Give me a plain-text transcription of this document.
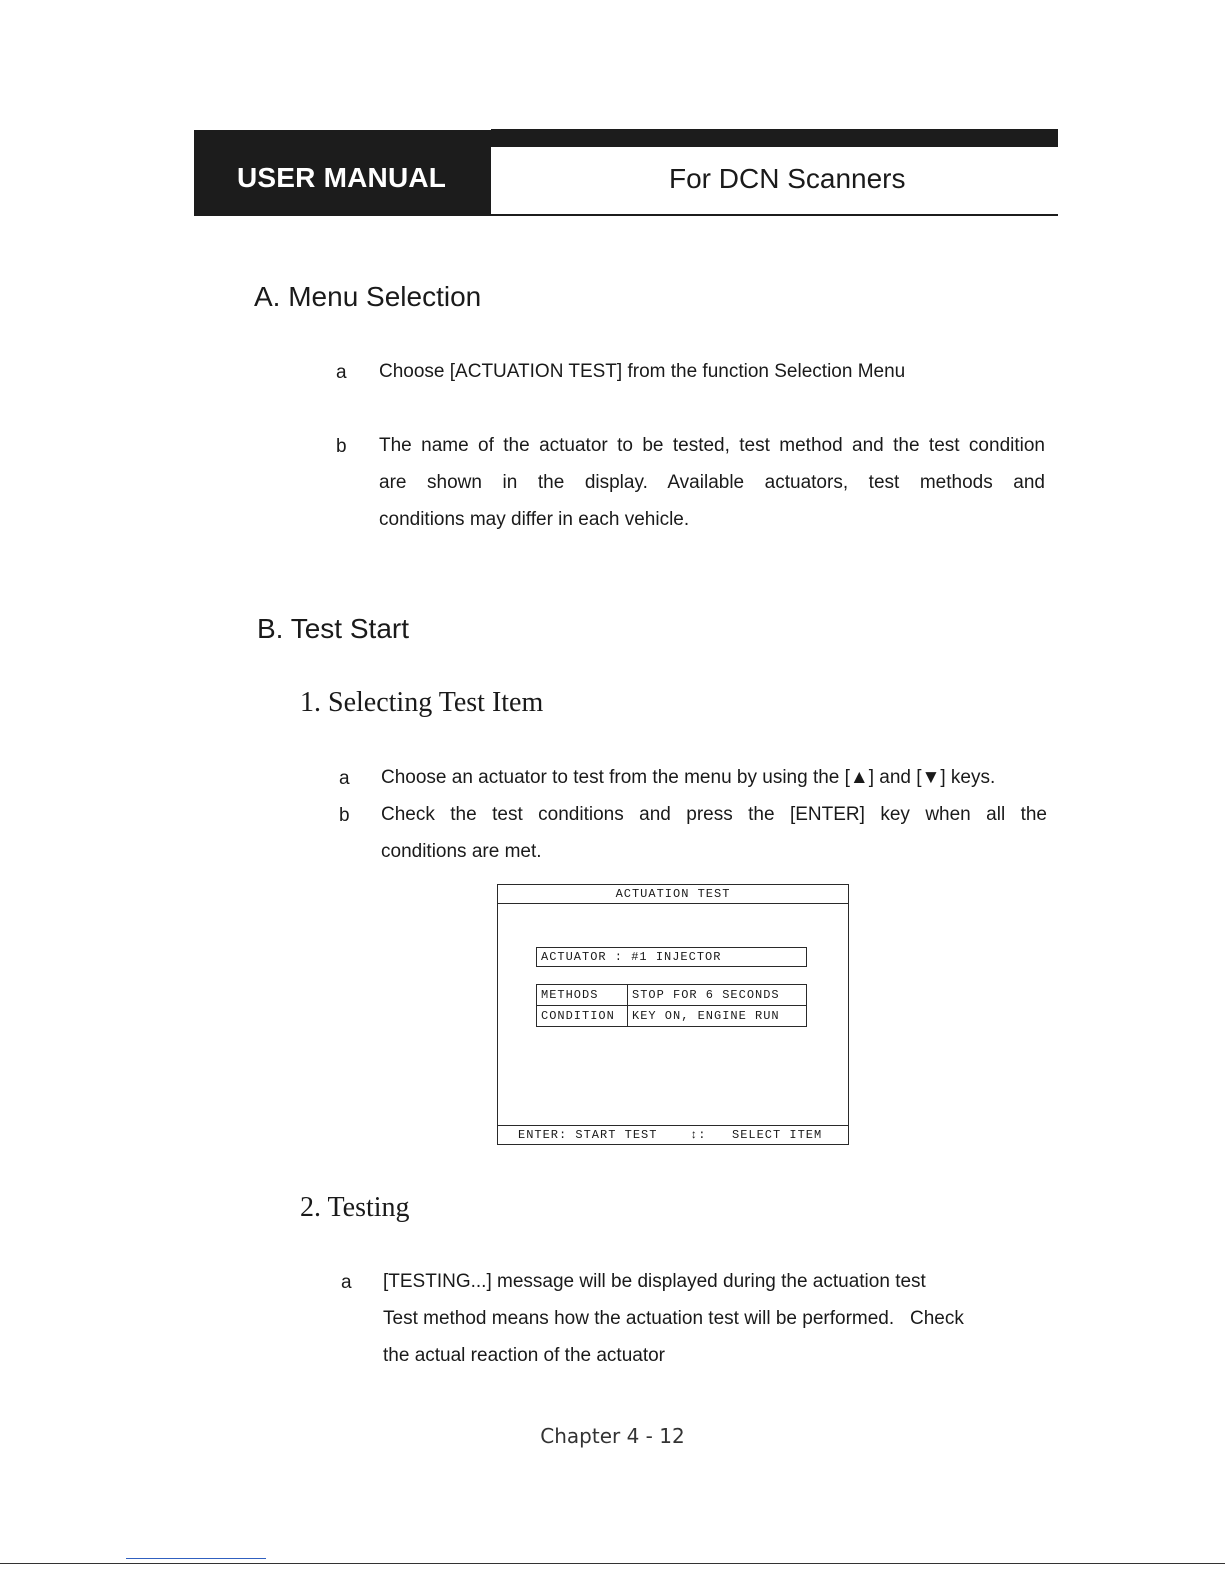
USER MANUAL	For DCN Scanners
A. Menu Selection
a Choose [ACTUATION TEST] from the function Selection Menu
b The name of the actuator to be tested, test method and the test condition
are shown in the display. Available actuators, test methods and
conditions may differ in each vehicle.
B. Test Start
1. Selecting Test Item
a Choose an actuator to test from the menu by using the [▲] and [▼] keys.
b Check the test conditions and press the [ENTER] key when all the
conditions are met.
ACTUATION TEST
ACTUATOR : #1 INJECTOR
METHODS	STOP FOR 6 SECONDS
CONDITION	KEY ON, ENGINE RUN
ENTER: START TEST	↕: SELECT ITEM
2. Testing
a [TESTING...] message will be displayed during the actuation test
Test method means how the actuation test will be performed.   Check
the actual reaction of the actuator
Chapter 4 - 12
